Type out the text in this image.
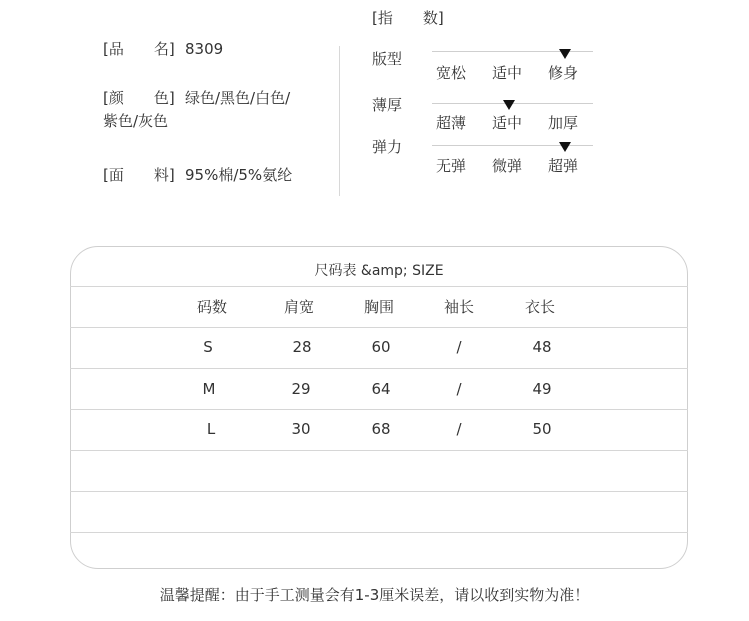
[品　　名] 8309
[颜　　色] 绿色/黑色/白色/
紫色/灰色
[面　　料] 95%棉/5%氨纶
[指　　数]
版型
宽松 适中 修身
薄厚
超薄 适中 加厚
弹力
无弹 微弹 超弹
尺码表 &amp; SIZE
码数	肩宽	胸围	袖长	衣长
S	28	60	/	48
M	29	64	/	49
L	30	68	/	50
温馨提醒：由于手工测量会有1-3厘米误差，请以收到实物为准！
